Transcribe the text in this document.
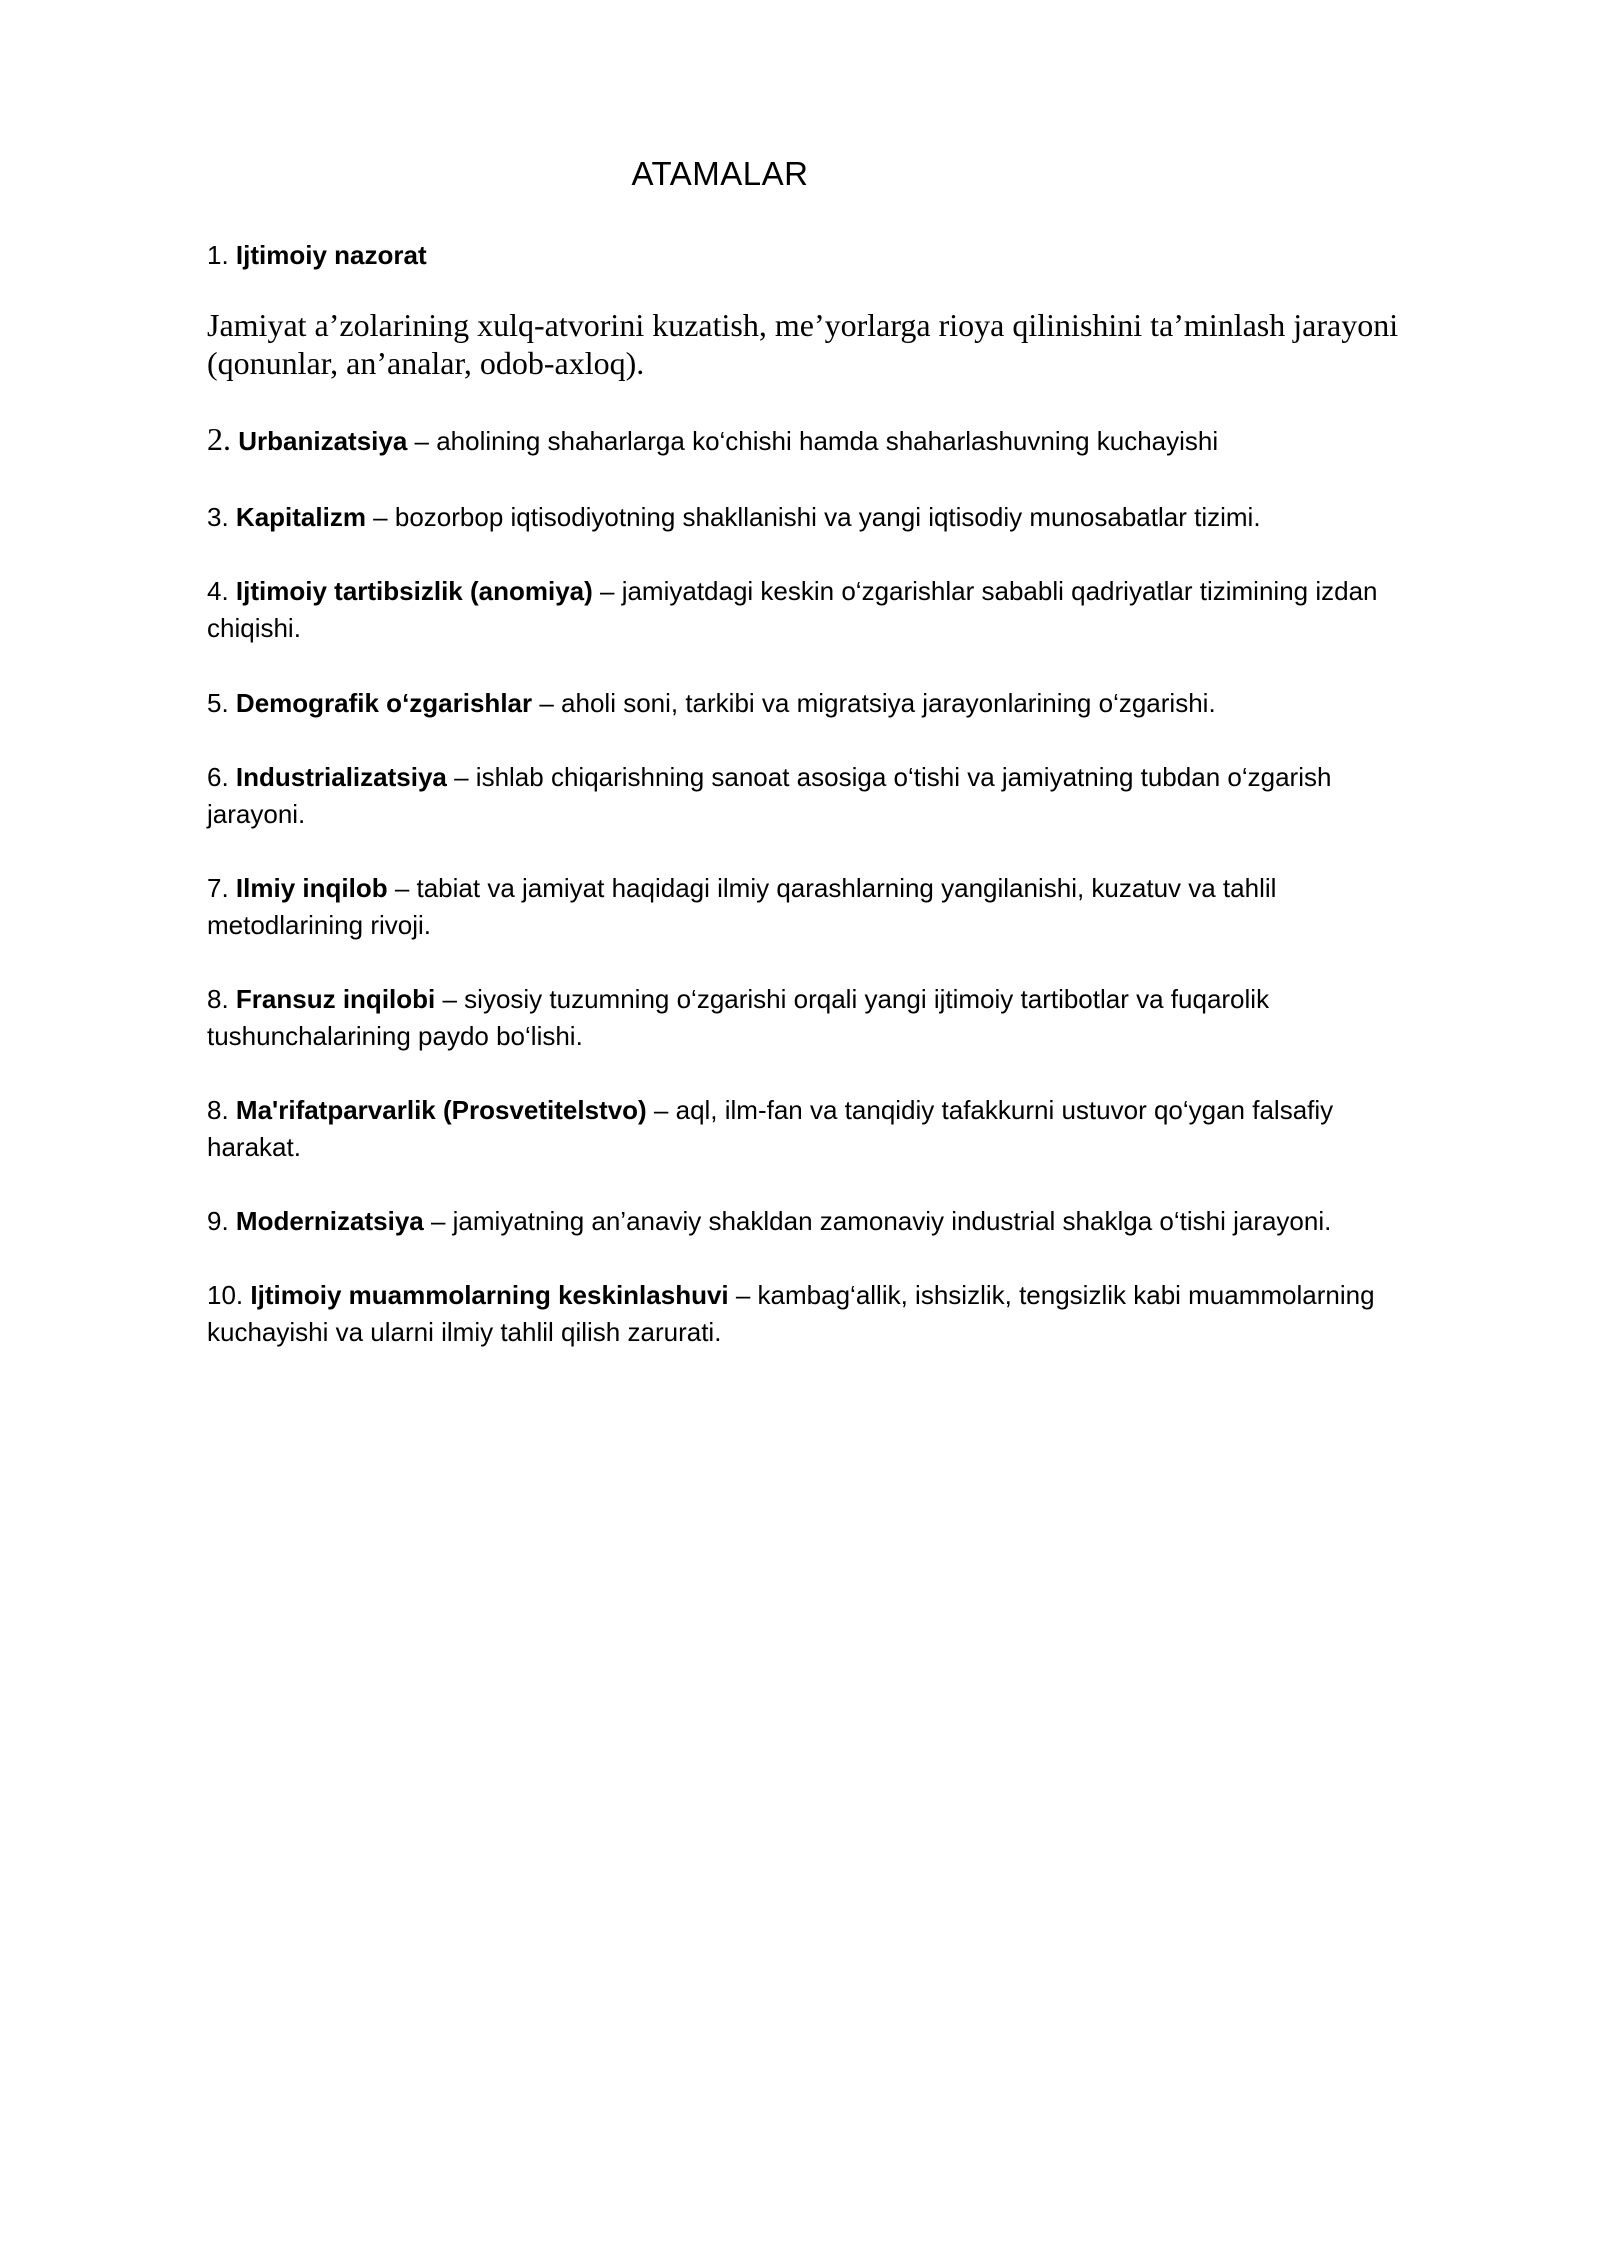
ATAMALAR
1. Ijtimoiy nazorat
Jamiyat a’zolarining xulq-atvorini kuzatish, me’yorlarga rioya qilinishini ta’minlash jarayoni (qonunlar, an’analar, odob-axloq).
2. Urbanizatsiya – aholining shaharlarga ko‘chishi hamda shaharlashuvning kuchayishi
3. Kapitalizm – bozorbop iqtisodiyotning shakllanishi va yangi iqtisodiy munosabatlar tizimi.
4. Ijtimoiy tartibsizlik (anomiya) – jamiyatdagi keskin o‘zgarishlar sababli qadriyatlar tizimining izdan chiqishi.
5. Demografik o‘zgarishlar – aholi soni, tarkibi va migratsiya jarayonlarining o‘zgarishi.
6. Industrializatsiya – ishlab chiqarishning sanoat asosiga o‘tishi va jamiyatning tubdan o‘zgarish jarayoni.
7. Ilmiy inqilob – tabiat va jamiyat haqidagi ilmiy qarashlarning yangilanishi, kuzatuv va tahlil metodlarining rivoji.
8. Fransuz inqilobi – siyosiy tuzumning o‘zgarishi orqali yangi ijtimoiy tartibotlar va fuqarolik tushunchalarining paydo bo‘lishi.
8. Ma'rifatparvarlik (Prosvetitelstvo) – aql, ilm-fan va tanqidiy tafakkurni ustuvor qo‘ygan falsafiy harakat.
9. Modernizatsiya – jamiyatning an’anaviy shakldan zamonaviy industrial shaklga o‘tishi jarayoni.
10. Ijtimoiy muammolarning keskinlashuvi – kambag‘allik, ishsizlik, tengsizlik kabi muammolarning kuchayishi va ularni ilmiy tahlil qilish zarurati.
